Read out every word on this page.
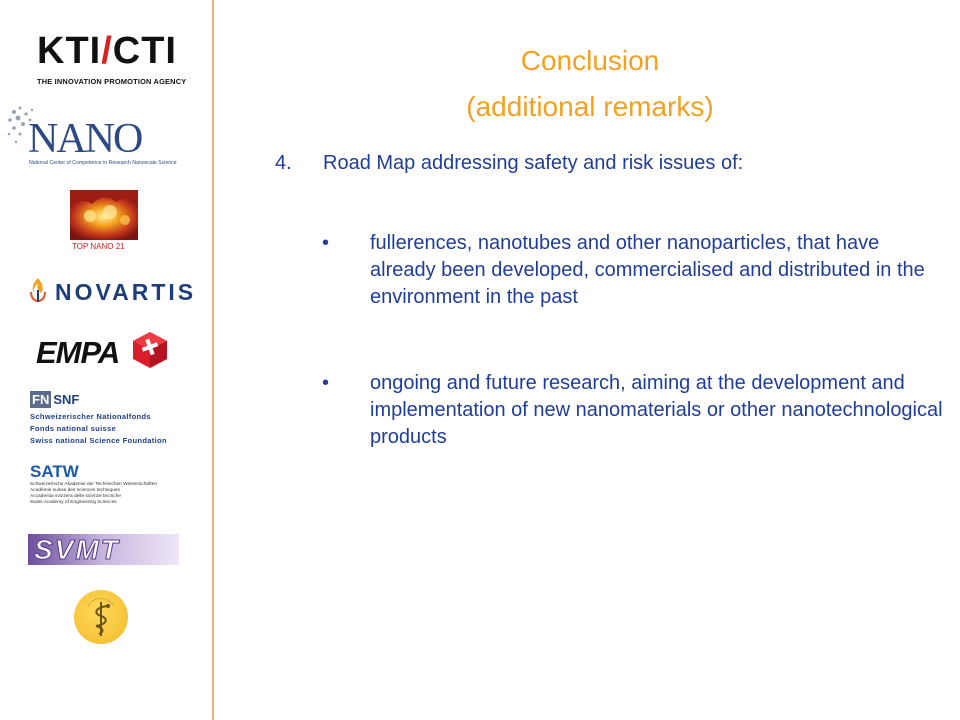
KTI/CTI
THE INNOVATION PROMOTION AGENCY
NANO
National Center of Competence in Research Nanoscale Science
TOP NANO 21
NOVARTIS
EMPA
FN SNF
Schweizerischer Nationalfonds
Fonds national suisse
Swiss national Science Foundation
SATW
Schweizerische Akademie der Technischen Wissenschaften
Académie suisse des sciences techniques
Accademia svizzera delle scienze tecniche
Swiss Academy of Engineering Sciences
SVMT
Conclusion
(additional remarks)
4. Road Map addressing safety and risk issues of:
• fullerences, nanotubes and other nanoparticles, that have already been developed, commercialised and distributed in the environment in the past
• ongoing and future research, aiming at the development and implementation of new nanomaterials or other nanotechnological products
